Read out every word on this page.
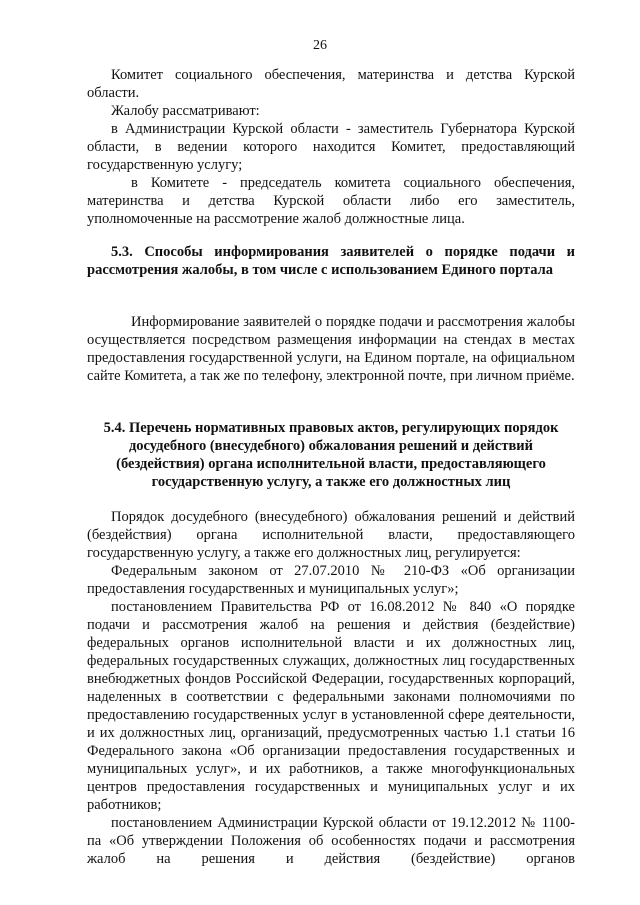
26

Комитет социального обеспечения, материнства и детства Курской области.

Жалобу рассматривают:

в Администрации Курской области - заместитель Губернатора Курской области, в ведении которого находится Комитет, предоставляющий государственную услугу;

в Комитете - председатель комитета социального обеспечения, материнства и детства Курской области либо его заместитель, уполномоченные на рассмотрение жалоб должностные лица.

5.3. Способы информирования заявителей о порядке подачи и рассмотрения жалобы, в том числе с использованием Единого портала

Информирование заявителей о порядке подачи и рассмотрения жалобы осуществляется посредством размещения информации на стендах в местах предоставления государственной услуги, на Едином портале, на официальном сайте Комитета, а так же по телефону, электронной почте, при личном приёме.

5.4. Перечень нормативных правовых актов, регулирующих порядок досудебного (внесудебного) обжалования решений и действий (бездействия) органа исполнительной власти, предоставляющего государственную услугу, а также его должностных лиц

Порядок досудебного (внесудебного) обжалования решений и действий (бездействия) органа исполнительной власти, предоставляющего государственную услугу, а также его должностных лиц, регулируется:

Федеральным законом от 27.07.2010 № 210-ФЗ «Об организации предоставления государственных и муниципальных услуг»;

постановлением Правительства РФ от 16.08.2012 № 840 «О порядке подачи и рассмотрения жалоб на решения и действия (бездействие) федеральных органов исполнительной власти и их должностных лиц, федеральных государственных служащих, должностных лиц государственных внебюджетных фондов Российской Федерации, государственных корпораций, наделенных в соответствии с федеральными законами полномочиями по предоставлению государственных услуг в установленной сфере деятельности, и их должностных лиц, организаций, предусмотренных частью 1.1 статьи 16 Федерального закона «Об организации предоставления государственных и муниципальных услуг», и их работников, а также многофункциональных центров предоставления государственных и муниципальных услуг и их работников;

постановлением Администрации Курской области от 19.12.2012 № 1100-па «Об утверждении Положения об особенностях подачи и рассмотрения жалоб на решения и действия (бездействие) органов
